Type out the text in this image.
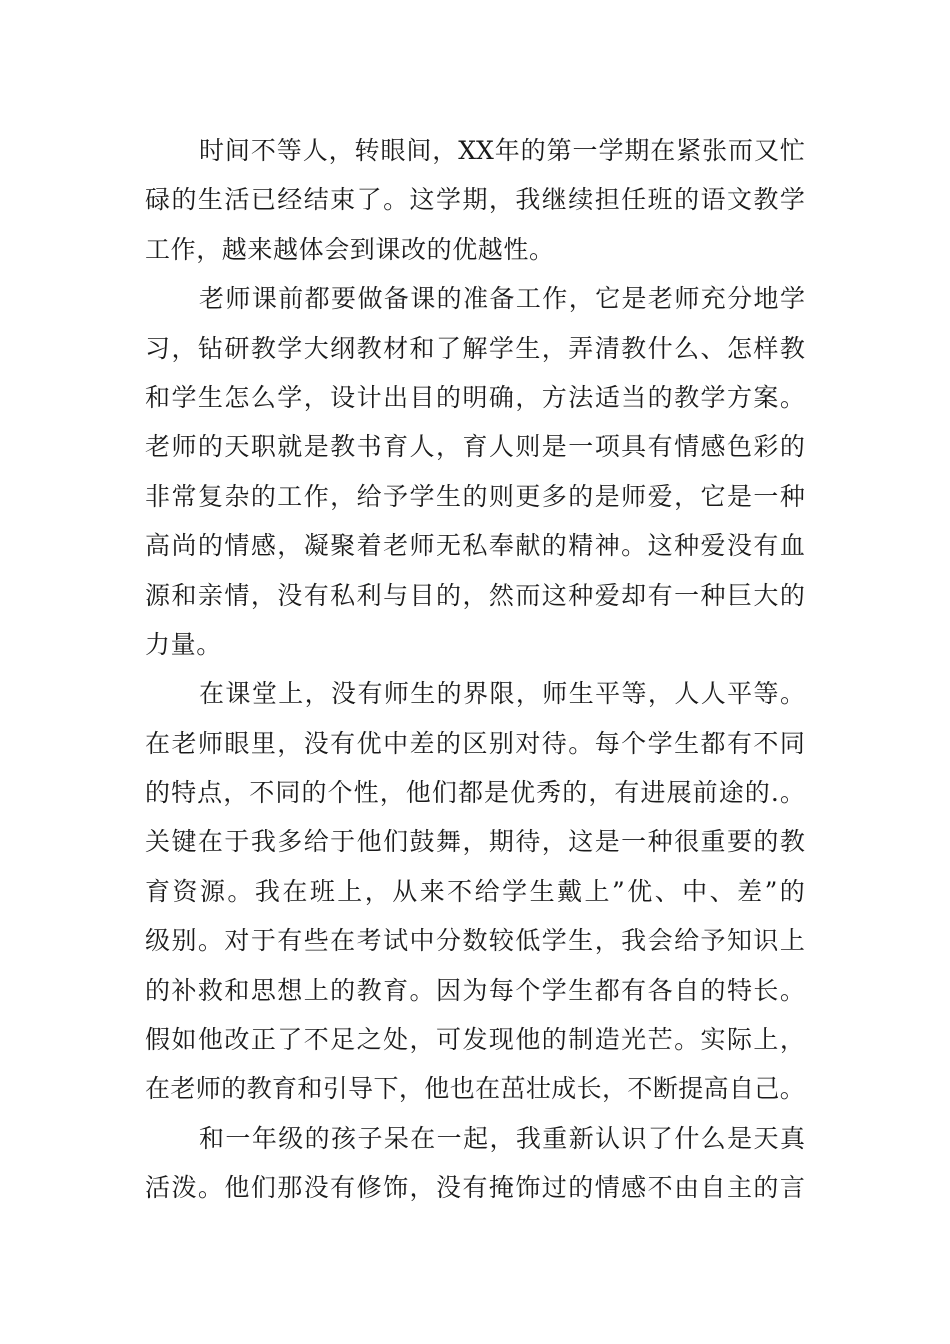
时间不等人，转眼间，XX年的第一学期在紧张而又忙
碌的生活已经结束了。这学期，我继续担任班的语文教学
工作，越来越体会到课改的优越性。
老师课前都要做备课的准备工作，它是老师充分地学
习，钻研教学大纲教材和了解学生，弄清教什么、怎样教
和学生怎么学，设计出目的明确，方法适当的教学方案。
老师的天职就是教书育人，育人则是一项具有情感色彩的
非常复杂的工作，给予学生的则更多的是师爱，它是一种
高尚的情感，凝聚着老师无私奉献的精神。这种爱没有血
源和亲情，没有私利与目的，然而这种爱却有一种巨大的
力量。
在课堂上，没有师生的界限，师生平等，人人平等。
在老师眼里，没有优中差的区别对待。每个学生都有不同
的特点，不同的个性，他们都是优秀的，有进展前途的.。
关键在于我多给于他们鼓舞，期待，这是一种很重要的教
育资源。我在班上，从来不给学生戴上”优、中、差”的
级别。对于有些在考试中分数较低学生，我会给予知识上
的补救和思想上的教育。因为每个学生都有各自的特长。
假如他改正了不足之处，可发现他的制造光芒。实际上，
在老师的教育和引导下，他也在茁壮成长，不断提高自己。
和一年级的孩子呆在一起，我重新认识了什么是天真
活泼。他们那没有修饰，没有掩饰过的情感不由自主的言
